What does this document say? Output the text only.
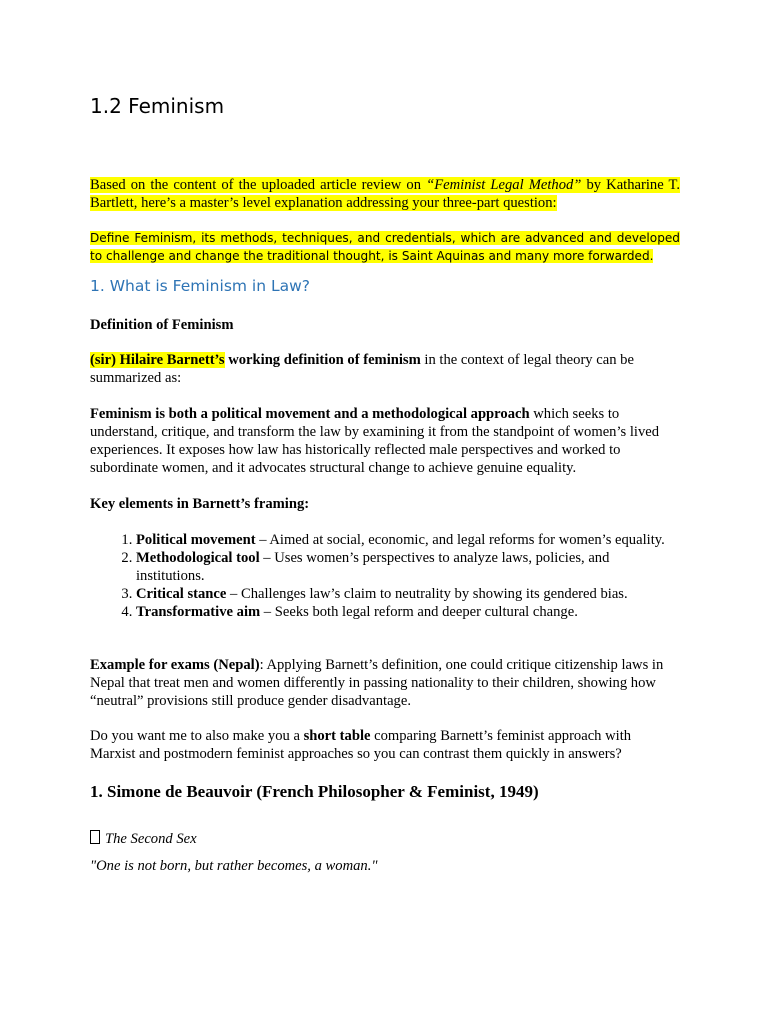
1.2 Feminism

Based on the content of the uploaded article review on “Feminist Legal Method” by Katharine T. Bartlett, here’s a master’s level explanation addressing your three-part question:

Define Feminism, its methods, techniques, and credentials, which are advanced and developed to challenge and change the traditional thought, is Saint Aquinas and many more forwarded.

1. What is Feminism in Law?

Definition of Feminism

(sir) Hilaire Barnett’s working definition of feminism in the context of legal theory can be summarized as:

Feminism is both a political movement and a methodological approach which seeks to understand, critique, and transform the law by examining it from the standpoint of women’s lived experiences. It exposes how law has historically reflected male perspectives and worked to subordinate women, and it advocates structural change to achieve genuine equality.

Key elements in Barnett’s framing:

1. Political movement – Aimed at social, economic, and legal reforms for women’s equality.
2. Methodological tool – Uses women’s perspectives to analyze laws, policies, and institutions.
3. Critical stance – Challenges law’s claim to neutrality by showing its gendered bias.
4. Transformative aim – Seeks both legal reform and deeper cultural change.

Example for exams (Nepal): Applying Barnett’s definition, one could critique citizenship laws in Nepal that treat men and women differently in passing nationality to their children, showing how “neutral” provisions still produce gender disadvantage.

Do you want me to also make you a short table comparing Barnett’s feminist approach with Marxist and postmodern feminist approaches so you can contrast them quickly in answers?

1. Simone de Beauvoir (French Philosopher & Feminist, 1949)

The Second Sex

"One is not born, but rather becomes, a woman."
